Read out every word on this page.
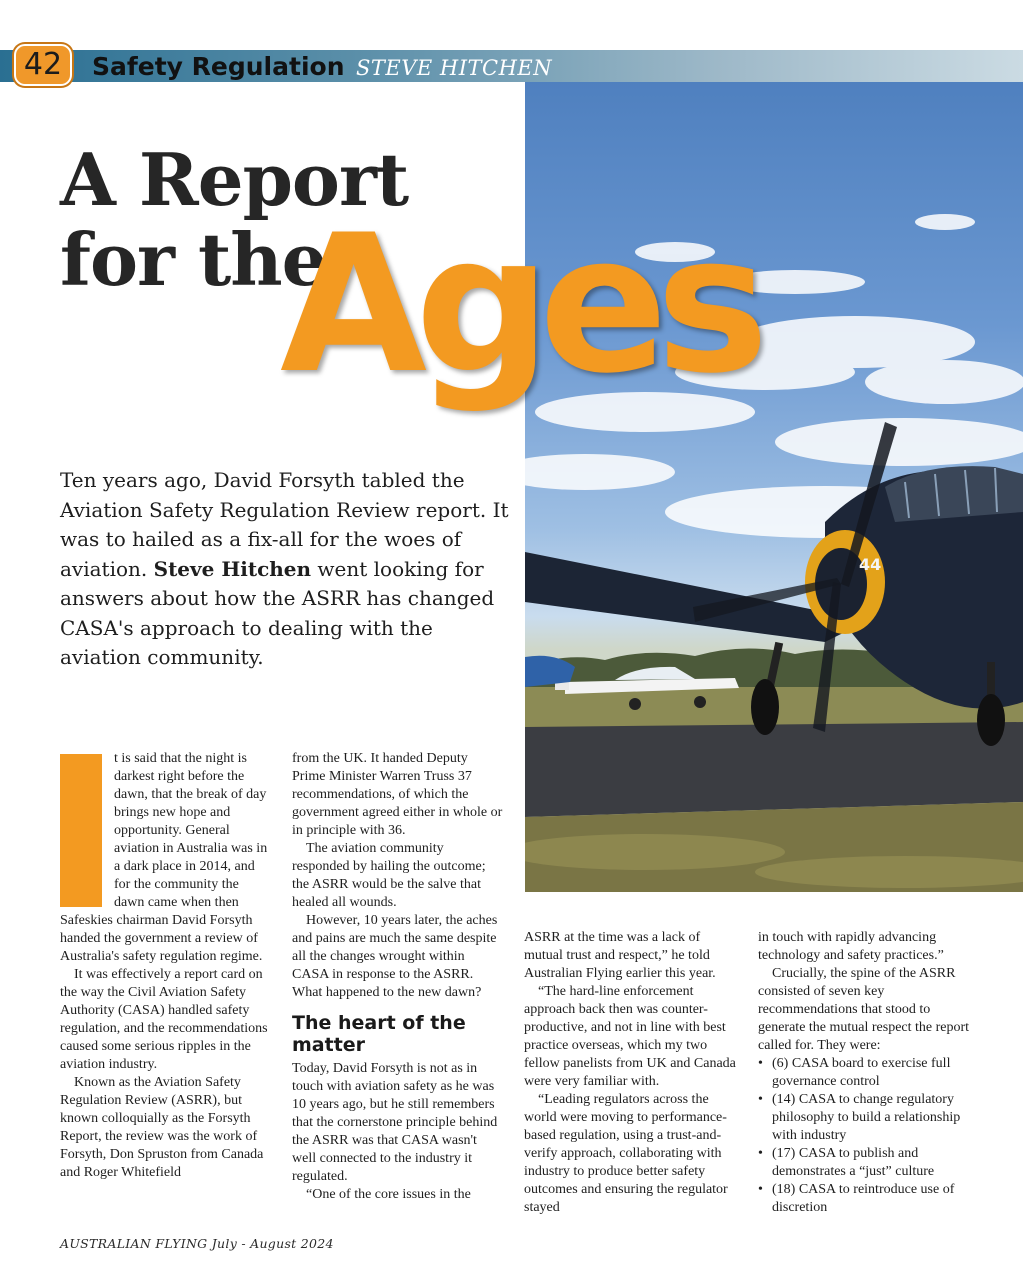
42	Safety Regulation STEVE HITCHEN
44
A Report
for the
Ages

Ten years ago, David Forsyth tabled the Aviation Safety Regulation Review report. It was to hailed as a fix-all for the woes of aviation. Steve Hitchen went looking for answers about how the ASRR has changed CASA's approach to dealing with the aviation community.

t is said that the night is darkest right before the dawn, that the break of day brings new hope and opportunity. General aviation in Australia was in a dark place in 2014, and for the community the dawn came when then Safeskies chairman David Forsyth handed the government a review of Australia's safety regulation regime.

It was effectively a report card on the way the Civil Aviation Safety Authority (CASA) handled safety regulation, and the recommendations caused some serious ripples in the aviation industry.

Known as the Aviation Safety Regulation Review (ASRR), but known colloquially as the Forsyth Report, the review was the work of Forsyth, Don Spruston from Canada and Roger Whitefield

from the UK. It handed Deputy Prime Minister Warren Truss 37 recommendations, of which the government agreed either in whole or in principle with 36.

The aviation community responded by hailing the outcome; the ASRR would be the salve that healed all wounds.

However, 10 years later, the aches and pains are much the same despite all the changes wrought within CASA in response to the ASRR. What happened to the new dawn?

The heart of the matter

Today, David Forsyth is not as in touch with aviation safety as he was 10 years ago, but he still remembers that the cornerstone principle behind the ASRR was that CASA wasn't well connected to the industry it regulated.

“One of the core issues in the

ASRR at the time was a lack of mutual trust and respect,” he told Australian Flying earlier this year.

“The hard-line enforcement approach back then was counter-productive, and not in line with best practice overseas, which my two fellow panelists from UK and Canada were very familiar with.

“Leading regulators across the world were moving to performance-based regulation, using a trust-and-verify approach, collaborating with industry to produce better safety outcomes and ensuring the regulator stayed

in touch with rapidly advancing technology and safety practices.”

Crucially, the spine of the ASRR consisted of seven key recommendations that stood to generate the mutual respect the report called for. They were:

• (6) CASA board to exercise full governance control
• (14) CASA to change regulatory philosophy to build a relationship with industry
• (17) CASA to publish and demonstrates a “just” culture
• (18) CASA to reintroduce use of discretion
AUSTRALIAN FLYING July - August 2024
